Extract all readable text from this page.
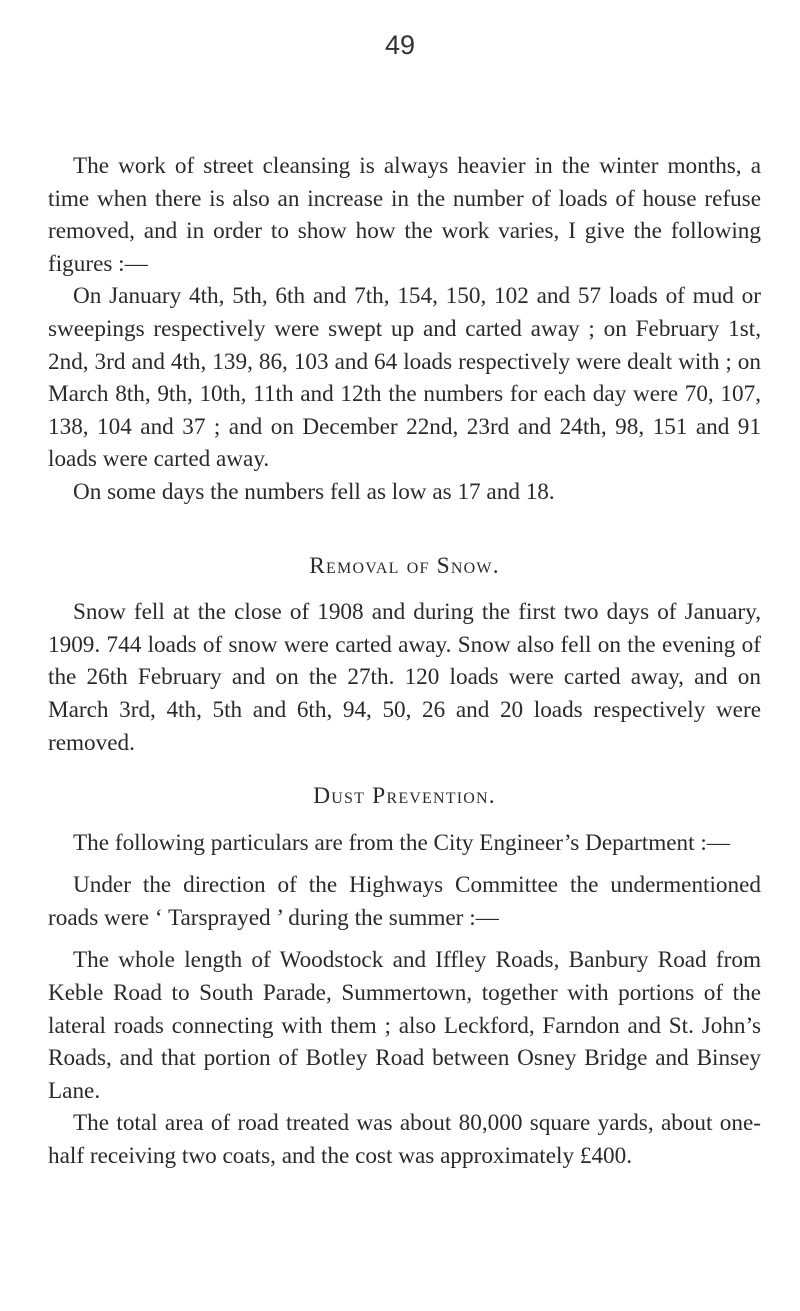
49

The work of street cleansing is always heavier in the winter months, a time when there is also an increase in the number of loads of house refuse removed, and in order to show how the work varies, I give the following figures :—

On January 4th, 5th, 6th and 7th, 154, 150, 102 and 57 loads of mud or sweepings respectively were swept up and carted away ; on February 1st, 2nd, 3rd and 4th, 139, 86, 103 and 64 loads respectively were dealt with ; on March 8th, 9th, 10th, 11th and 12th the numbers for each day were 70, 107, 138, 104 and 37 ; and on December 22nd, 23rd and 24th, 98, 151 and 91 loads were carted away.

On some days the numbers fell as low as 17 and 18.

Removal of Snow.

Snow fell at the close of 1908 and during the first two days of January, 1909. 744 loads of snow were carted away. Snow also fell on the evening of the 26th February and on the 27th. 120 loads were carted away, and on March 3rd, 4th, 5th and 6th, 94, 50, 26 and 20 loads respectively were removed.

Dust Prevention.

The following particulars are from the City Engineer’s Department :—

Under the direction of the Highways Committee the undermentioned roads were ‘ Tarsprayed ’ during the summer :—

The whole length of Woodstock and Iffley Roads, Banbury Road from Keble Road to South Parade, Summertown, together with portions of the lateral roads connecting with them ; also Leckford, Farndon and St. John’s Roads, and that portion of Botley Road between Osney Bridge and Binsey Lane.

The total area of road treated was about 80,000 square yards, about one-half receiving two coats, and the cost was approximately £400.
